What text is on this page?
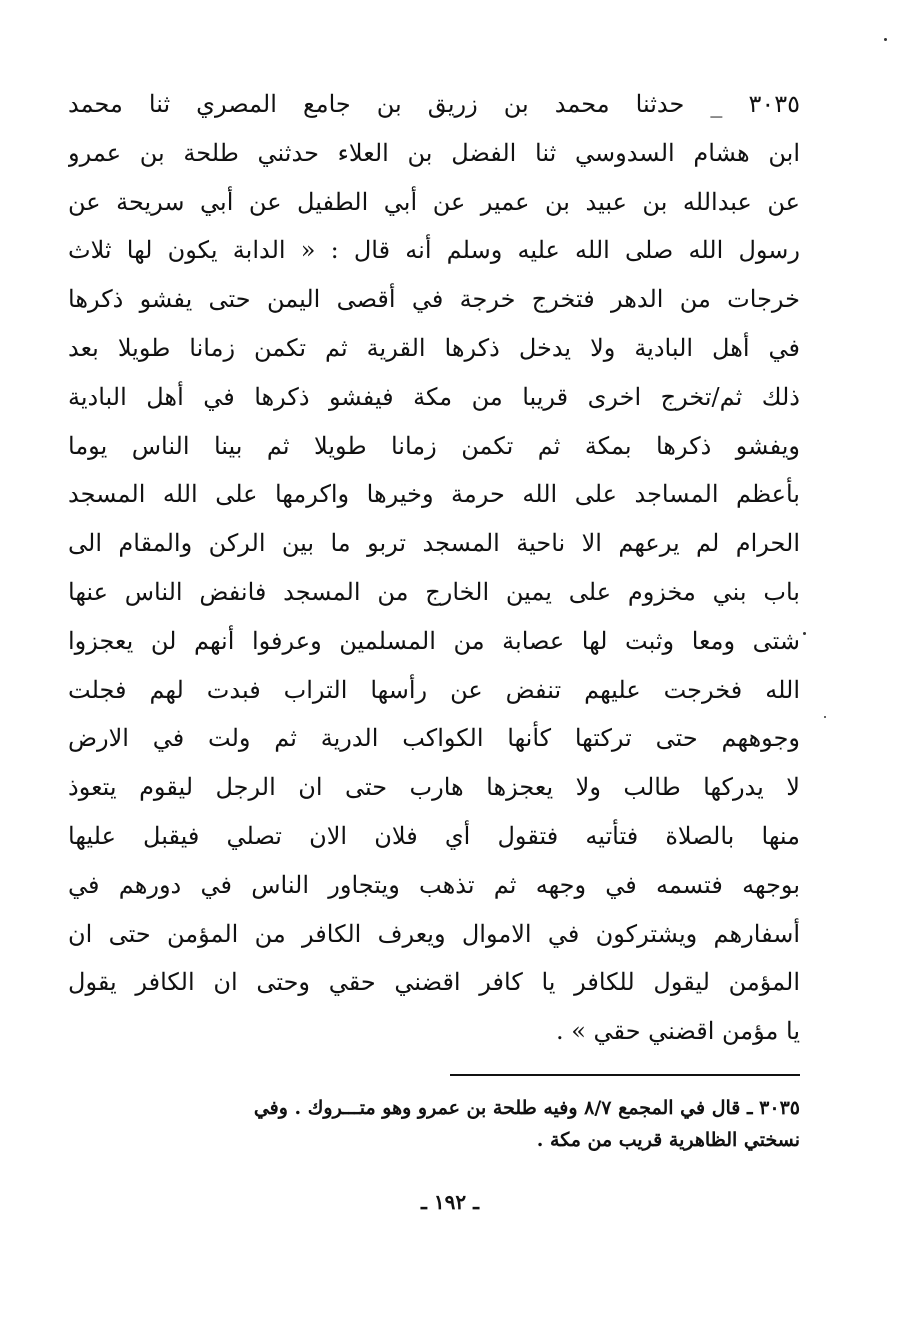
٣٠٣٥ _ حدثنا محمد بن زريق بن جامع المصري ثنا محمد
ابن هشام السدوسي ثنا الفضل بن العلاء حدثني طلحة بن عمرو
عن عبدالله بن عبيد بن عمير عن أبي الطفيل عن أبي سريحة عن
رسول الله صلى الله عليه وسلم أنه قال : « الدابة يكون لها ثلاث
خرجات من الدهر فتخرج خرجة في أقصى اليمن حتى يفشو ذكرها
في أهل البادية ولا يدخل ذكرها القرية ثم تكمن زمانا طويلا بعد
ذلك ثم/تخرج اخرى قريبا من مكة فيفشو ذكرها في أهل البادية
ويفشو ذكرها بمكة ثم تكمن زمانا طويلا ثم بينا الناس يوما
بأعظم المساجد على الله حرمة وخيرها واكرمها على الله المسجد
الحرام لم يرعهم الا ناحية المسجد تربو ما بين الركن والمقام الى
باب بني مخزوم على يمين الخارج من المسجد فانفض الناس عنها
شتى ومعا وثبت لها عصابة من المسلمين وعرفوا أنهم لن يعجزوا
الله فخرجت عليهم تنفض عن رأسها التراب فبدت لهم فجلت
وجوههم حتى تركتها كأنها الكواكب الدرية ثم ولت في الارض
لا يدركها طالب ولا يعجزها هارب حتى ان الرجل ليقوم يتعوذ
منها بالصلاة فتأتيه فتقول أي فلان الان تصلي فيقبل عليها
بوجهه فتسمه في وجهه ثم تذهب ويتجاور الناس في دورهم في
أسفارهم ويشتركون في الاموال ويعرف الكافر من المؤمن حتى ان
المؤمن ليقول للكافر يا كافر اقضني حقي وحتى ان الكافر يقول
يا مؤمن اقضني حقي » .
٣٠٣٥ ـ قال في المجمع ٨/٧ وفيه طلحة بن عمرو وهو متـــروك . وفي
نسختي الظاهرية قريب من مكة .
ـ ١٩٢ ـ
